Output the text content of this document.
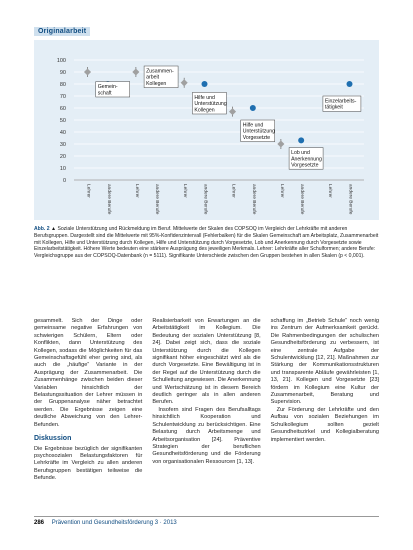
Originalarbeit
0
10
20
30
40
50
60
70
80
90
100
Lehrer	andere Berufe
Gemein-
schaft
Lehrer	andere Berufe
Zusammen-
arbeit
Kollegen
Lehrer	andere Berufe
Hilfe und
Unterstützung
Kollegen
Lehrer	andere Berufe
Hilfe und
Unterstützung
Vorgesetzte
Lehrer	andere Berufe
Lob und
Anerkennung
Vorgesetzte
Lehrer	andere Berufe
Einzelarbeits-
tätigkeit
Abb. 2 ▲ Soziale Unterstützung und Rückmeldung im Beruf. Mittelwerte der Skalen des COPSOQ im Vergleich der Lehrkräfte mit anderen Berufsgruppen. Dargestellt sind die Mittelwerte mit 95%-Konfidenzintervall (Fehlerbalken) für die Skalen Gemeinschaft am Arbeitsplatz, Zusammenarbeit mit Kollegen, Hilfe und Unterstützung durch Kollegen, Hilfe und Unterstützung durch Vorgesetzte, Lob und Anerkennung durch Vorgesetzte sowie Einzelarbeitstätigkeit. Höhere Werte bedeuten eine stärkere Ausprägung des jeweiligen Merkmals. Lehrer: Lehrkräfte aller Schulformen; andere Berufe: Vergleichsgruppe aus der COPSOQ-Datenbank (n = 5111). Signifikante Unterschiede zwischen den Gruppen bestehen in allen Skalen (p < 0,001).

gesammelt. Sich der Dinge oder gemeinsame negative Erfahrungen von schwierigen Schülern, Eltern oder Konflikten, dann Unterstützung des Kollegen, sodass die Möglichkeiten für das Gemeinschaftsgefühl eher gering sind, als auch die „häufige“ Variante in der Ausprägung der Zusammenarbeit. Die Zusammenhänge zwischen beiden dieser Variablen hinsichtlich der Belastungssituation der Lehrer müssen in der Gruppenanalyse näher betrachtet werden. Die Ergebnisse zeigen eine deutliche Abweichung von den Lehrer-Befunden.

Diskussion

Die Ergebnisse bezüglich der signifikanten psychosozialen Belastungsfaktoren für Lehrkräfte im Vergleich zu allen anderen Berufsgruppen bestätigen teilweise die Befunde.

Realisierbarkeit von Erwartungen an die Arbeitstätigkeit im Kollegium. Die Bedeutung der sozialen Unterstützung [8, 24]. Dabei zeigt sich, dass die soziale Unterstützung durch die Kollegen signifikant höher eingeschätzt wird als die durch Vorgesetzte. Eine Bewältigung ist in der Regel auf die Unterstützung durch die Schulleitung angewiesen. Die Anerkennung und Wertschätzung ist in diesem Bereich deutlich geringer als in allen anderen Berufen.

Insofern sind Fragen des Berufsalltags hinsichtlich Kooperation und Schulentwicklung zu berücksichtigen. Eine Belastung durch Arbeitsmenge und Arbeitsorganisation [24]. Präventive Strategien der beruflichen Gesundheitsförderung und die Förderung von organisationalen Ressourcen [1, 13].

schaffung im „Betrieb Schule“ noch wenig ins Zentrum der Aufmerksamkeit gerückt. Die Rahmenbedingungen der schulischen Gesundheitsförderung zu verbessern, ist eine zentrale Aufgabe der Schulentwicklung [12, 21]. Maßnahmen zur Stärkung der Kommunikationsstrukturen und transparente Abläufe gewährleisten [1, 13, 21]. Kollegen und Vorgesetzte [23] fördern im Kollegium eine Kultur der Zusammenarbeit, Beratung und Supervision.

Zur Förderung der Lehrkräfte und den Aufbau von sozialen Beziehungen im Schulkollegium sollten gezielt Gesundheitszirkel und Kollegialberatung implementiert werden.

286 Prävention und Gesundheitsförderung 3 · 2013
